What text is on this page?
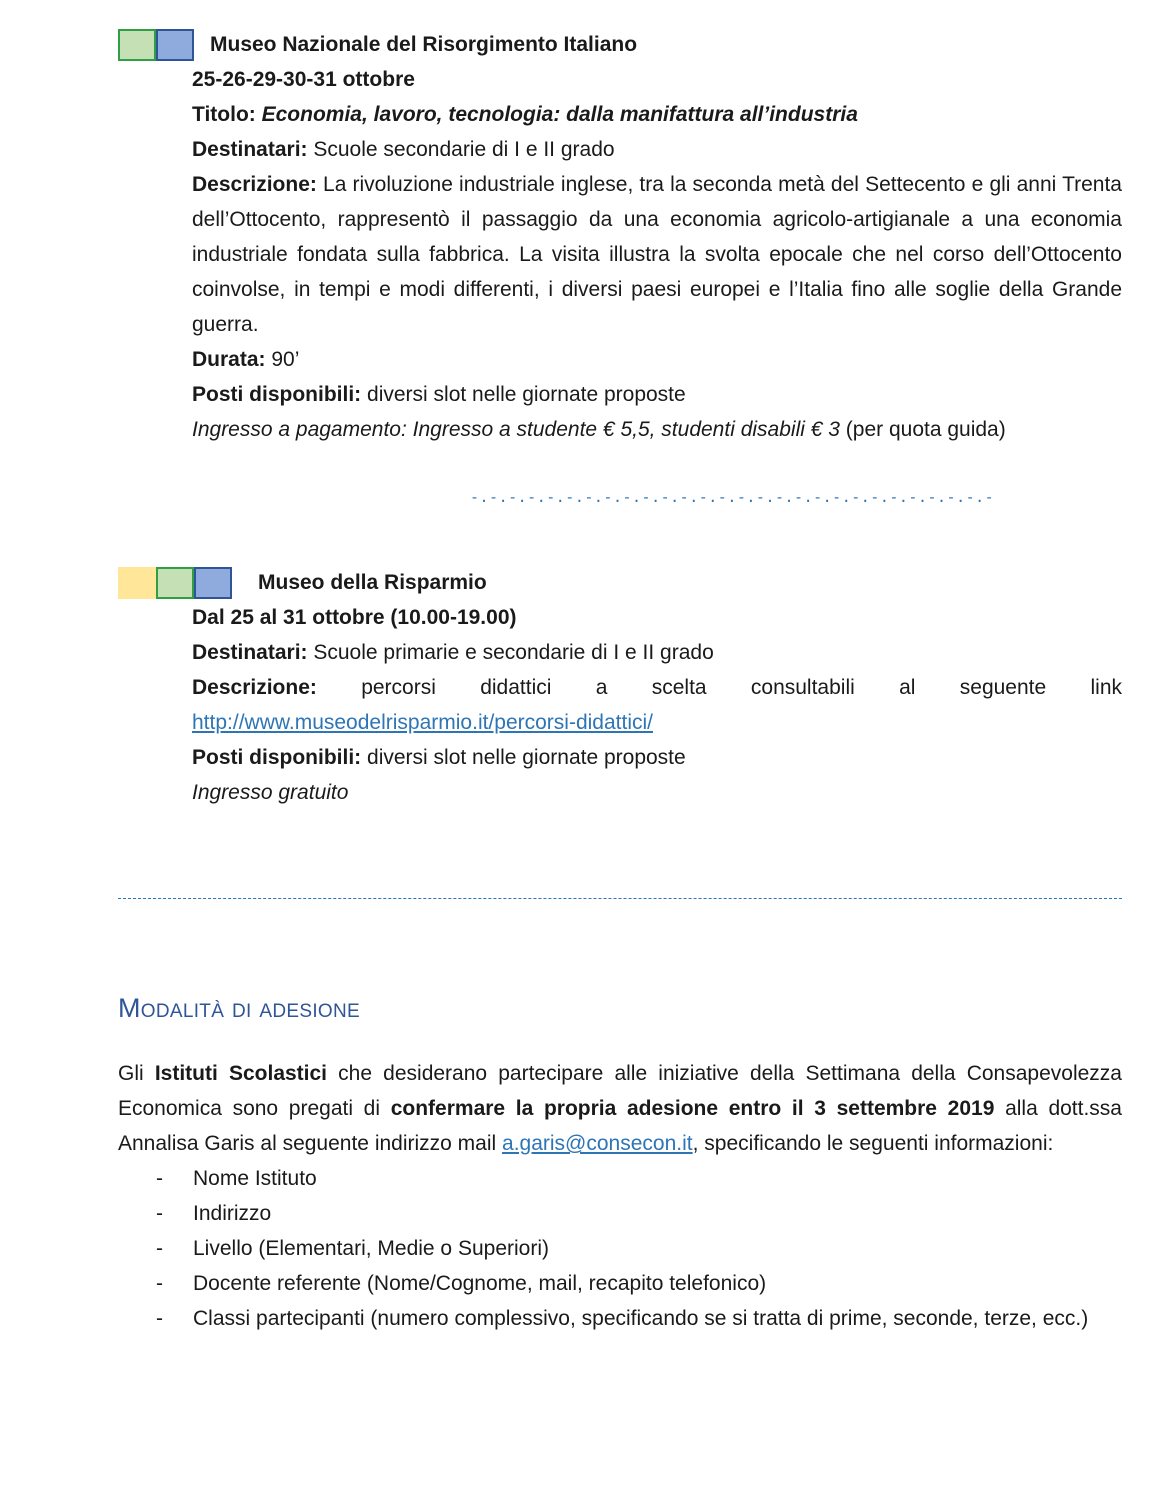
Museo Nazionale del Risorgimento Italiano

25-26-29-30-31 ottobre

Titolo: Economia, lavoro, tecnologia: dalla manifattura all’industria

Destinatari: Scuole secondarie di I e II grado

Descrizione: La rivoluzione industriale inglese, tra la seconda metà del Settecento e gli anni Trenta dell’Ottocento, rappresentò il passaggio da una economia agricolo-artigianale a una economia industriale fondata sulla fabbrica. La visita illustra la svolta epocale che nel corso dell’Ottocento coinvolse, in tempi e modi differenti, i diversi paesi europei e l’Italia fino alle soglie della Grande guerra.

Durata: 90’

Posti disponibili: diversi slot nelle giornate proposte

Ingresso a pagamento: Ingresso a studente € 5,5, studenti disabili € 3 (per quota guida)

-.-.-.-.-.-.-.-.-.-.-.-.-.-.-.-.-.-.-.-.-.-.-.-.-.-.-.-
Museo della Risparmio

Dal 25 al 31 ottobre (10.00-19.00)

Destinatari: Scuole primarie e secondarie di I e II grado

Descrizione: percorsi didattici a scelta consultabili al seguente link

http://www.museodelrisparmio.it/percorsi-didattici/

Posti disponibili: diversi slot nelle giornate proposte

Ingresso gratuito

Modalità di adesione

Gli Istituti Scolastici che desiderano partecipare alle iniziative della Settimana della Consapevolezza Economica sono pregati di confermare la propria adesione entro il 3 settembre 2019 alla dott.ssa Annalisa Garis al seguente indirizzo mail a.garis@consecon.it, specificando le seguenti informazioni:

- Nome Istituto
- Indirizzo
- Livello (Elementari, Medie o Superiori)
- Docente referente (Nome/Cognome, mail, recapito telefonico)
- Classi partecipanti (numero complessivo, specificando se si tratta di prime, seconde, terze, ecc.)
